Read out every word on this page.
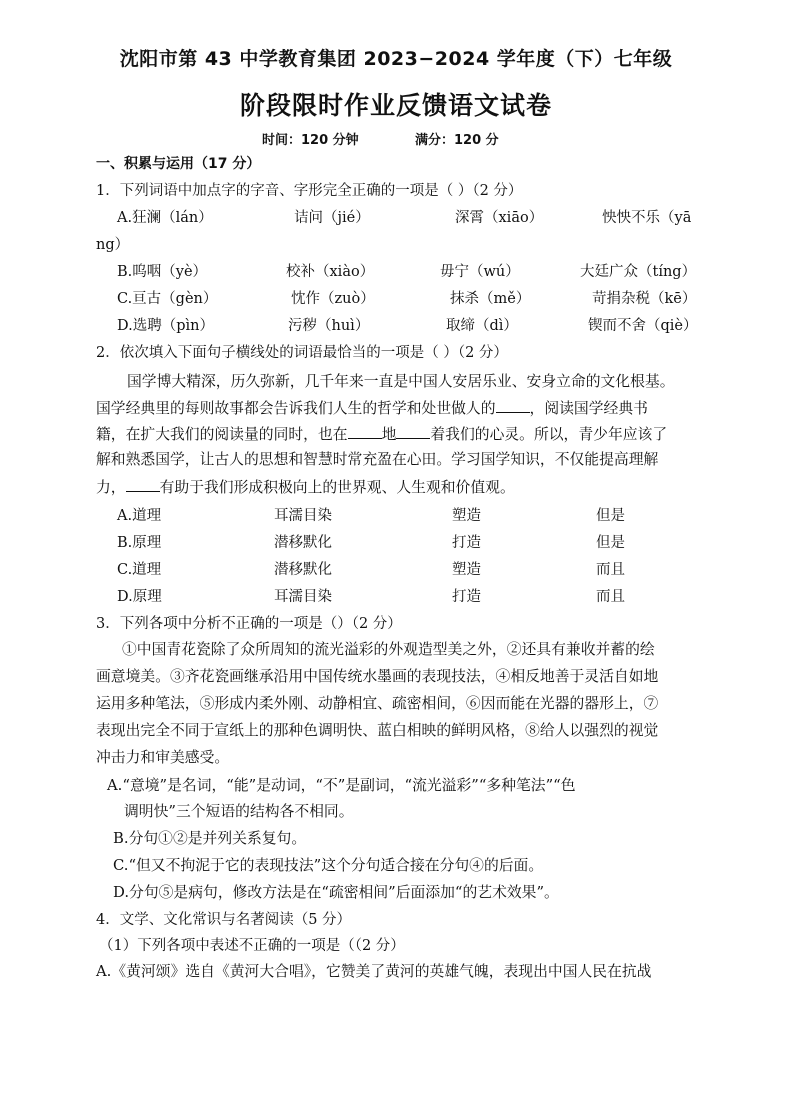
沈阳市第 43 中学教育集团 2023−2024 学年度（下）七年级
阶段限时作业反馈语文试卷
时间：120 分钟	满分：120 分
一、积累与运用（17 分）
1．下列词语中加点字的字音、字形完全正确的一项是（ ）（2 分）
A.狂澜（lán）	诘问（jié）	深霄（xiāo）	怏怏不乐（yā
ng）
B.呜咽（yè）	校补（xiào）	毋宁（wú）	大廷广众（tíng）
C.亘古（gèn）	忱作（zuò）	抹杀（mě）	苛捐杂税（kē）
D.选聘（pìn）	污秽（huì）	取缔（dì）	锲而不舍（qiè）
2．依次填入下面句子横线处的词语最恰当的一项是（ ）（2 分）
国学博大精深，历久弥新，几千年来一直是中国人安居乐业、安身立命的文化根基。
国学经典里的每则故事都会告诉我们人生的哲学和处世做人的 ，阅读国学经典书
籍，在扩大我们的阅读量的同时，也在 地 着我们的心灵。所以，青少年应该了
解和熟悉国学，让古人的思想和智慧时常充盈在心田。学习国学知识，不仅能提高理解
力， 有助于我们形成积极向上的世界观、人生观和价值观。
A.道理	耳濡目染	塑造	但是
B.原理	潜移默化	打造	但是
C.道理	潜移默化	塑造	而且
D.原理	耳濡目染	打造	而且
3．下列各项中分析不正确的一项是（）（2 分）
①中国青花瓷除了众所周知的流光溢彩的外观造型美之外，②还具有兼收并蓄的绘
画意境美。③齐花瓷画继承沿用中国传统水墨画的表现技法，④相反地善于灵活自如地
运用多种笔法，⑤形成内柔外刚、动静相宜、疏密相间，⑥因而能在光器的器形上，⑦
表现出完全不同于宣纸上的那种色调明快、蓝白相映的鲜明风格，⑧给人以强烈的视觉
冲击力和审美感受。
A.“意境”是名词，“能”是动词，“不”是副词，“流光溢彩”“多种笔法”“色
调明快”三个短语的结构各不相同。
B.分句①②是并列关系复句。
C.“但又不拘泥于它的表现技法”这个分句适合接在分句④的后面。
D.分句⑤是病句，修改方法是在“疏密相间”后面添加“的艺术效果”。
4．文学、文化常识与名著阅读（5 分）
（1）下列各项中表述不正确的一项是（（2 分）
A.《黄河颂》选自《黄河大合唱》，它赞美了黄河的英雄气魄，表现出中国人民在抗战
